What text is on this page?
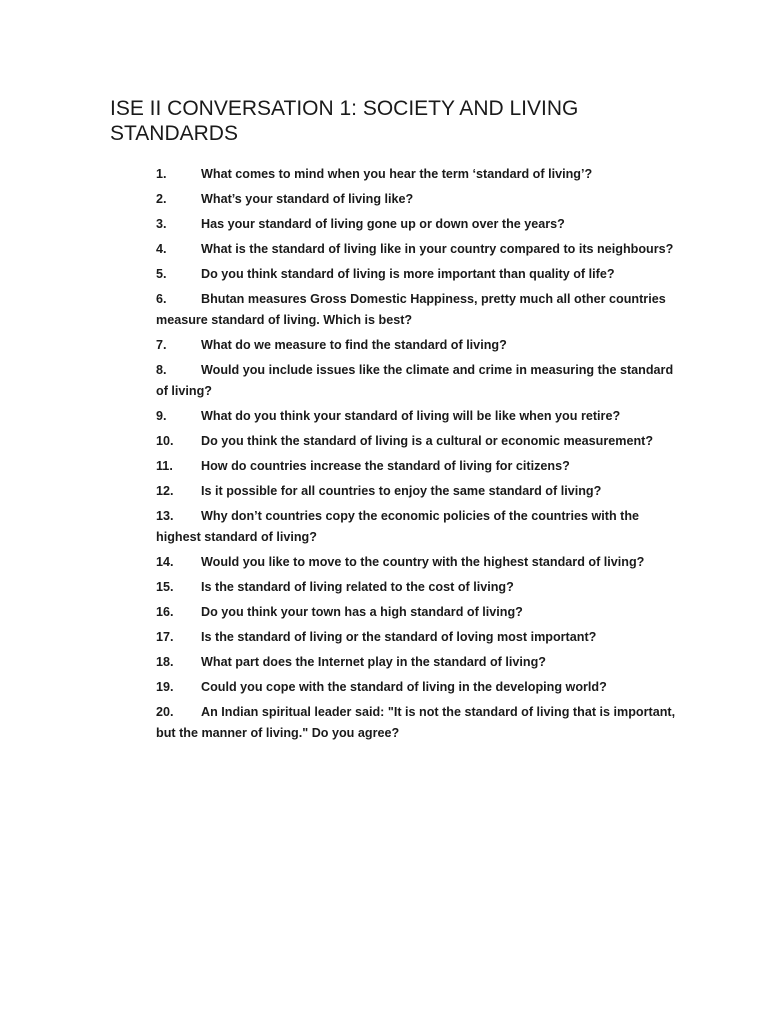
ISE II CONVERSATION 1: SOCIETY AND LIVING STANDARDS
1.	What comes to mind when you hear the term ‘standard of living’?
2.	What’s your standard of living like?
3.	Has your standard of living gone up or down over the years?
4.	What is the standard of living like in your country compared to its neighbours?
5.	Do you think standard of living is more important than quality of life?
6.	Bhutan measures Gross Domestic Happiness, pretty much all other countries measure standard of living. Which is best?
7.	What do we measure to find the standard of living?
8.	Would you include issues like the climate and crime in measuring the standard of living?
9.	What do you think your standard of living will be like when you retire?
10. Do you think the standard of living is a cultural or economic measurement?
11. How do countries increase the standard of living for citizens?
12. Is it possible for all countries to enjoy the same standard of living?
13. Why don’t countries copy the economic policies of the countries with the highest standard of living?
14. Would you like to move to the country with the highest standard of living?
15. Is the standard of living related to the cost of living?
16. Do you think your town has a high standard of living?
17. Is the standard of living or the standard of loving most important?
18. What part does the Internet play in the standard of living?
19. Could you cope with the standard of living in the developing world?
20. An Indian spiritual leader said: "It is not the standard of living that is important, but the manner of living." Do you agree?
